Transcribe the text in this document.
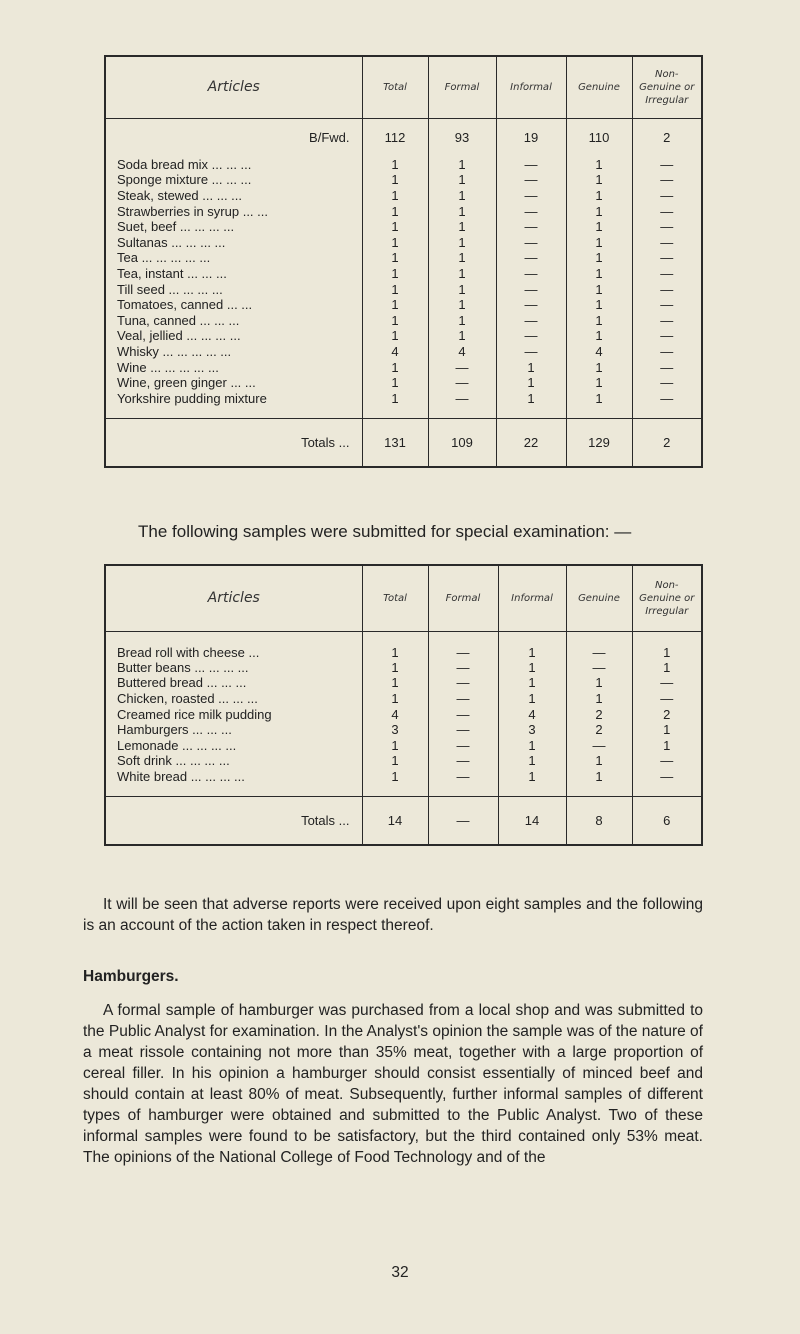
Articles	Total	Formal	Informal	Genuine	Non- Genuine or Irregular
B/Fwd.	112	93	19	110	2
Soda bread mix ... ... ...	1	1	—	1	—
Sponge mixture ... ... ...	1	1	—	1	—
Steak, stewed ... ... ...	1	1	—	1	—
Strawberries in syrup ... ...	1	1	—	1	—
Suet, beef ... ... ... ...	1	1	—	1	—
Sultanas ... ... ... ...	1	1	—	1	—
Tea ... ... ... ... ...	1	1	—	1	—
Tea, instant ... ... ...	1	1	—	1	—
Till seed ... ... ... ...	1	1	—	1	—
Tomatoes, canned ... ...	1	1	—	1	—
Tuna, canned ... ... ...	1	1	—	1	—
Veal, jellied ... ... ... ...	1	1	—	1	—
Whisky ... ... ... ... ...	4	4	—	4	—
Wine ... ... ... ... ...	1	—	1	1	—
Wine, green ginger ... ...	1	—	1	1	—
Yorkshire pudding mixture	1	—	1	1	—

Totals ...	131	109	22	129	2
The following samples were submitted for special examination: —
Articles	Total	Formal	Informal	Genuine	Non- Genuine or Irregular
Bread roll with cheese ...	1	—	1	—	1
Butter beans ... ... ... ...	1	—	1	—	1
Buttered bread ... ... ...	1	—	1	1	—
Chicken, roasted ... ... ...	1	—	1	1	—
Creamed rice milk pudding	4	—	4	2	2
Hamburgers ... ... ...	3	—	3	2	1
Lemonade ... ... ... ...	1	—	1	—	1
Soft drink ... ... ... ...	1	—	1	1	—
White bread ... ... ... ...	1	—	1	1	—

Totals ...	14	—	14	8	6
It will be seen that adverse reports were received upon eight samples and the following is an account of the action taken in respect thereof.
Hamburgers.
A formal sample of hamburger was purchased from a local shop and was submitted to the Public Analyst for examination. In the Analyst's opinion the sample was of the nature of a meat rissole containing not more than 35% meat, together with a large proportion of cereal filler. In his opinion a hamburger should consist essentially of minced beef and should contain at least 80% of meat. Subsequently, further informal samples of different types of hamburger were obtained and submitted to the Public Analyst. Two of these informal samples were found to be satisfactory, but the third contained only 53% meat. The opinions of the National College of Food Technology and of the
32
